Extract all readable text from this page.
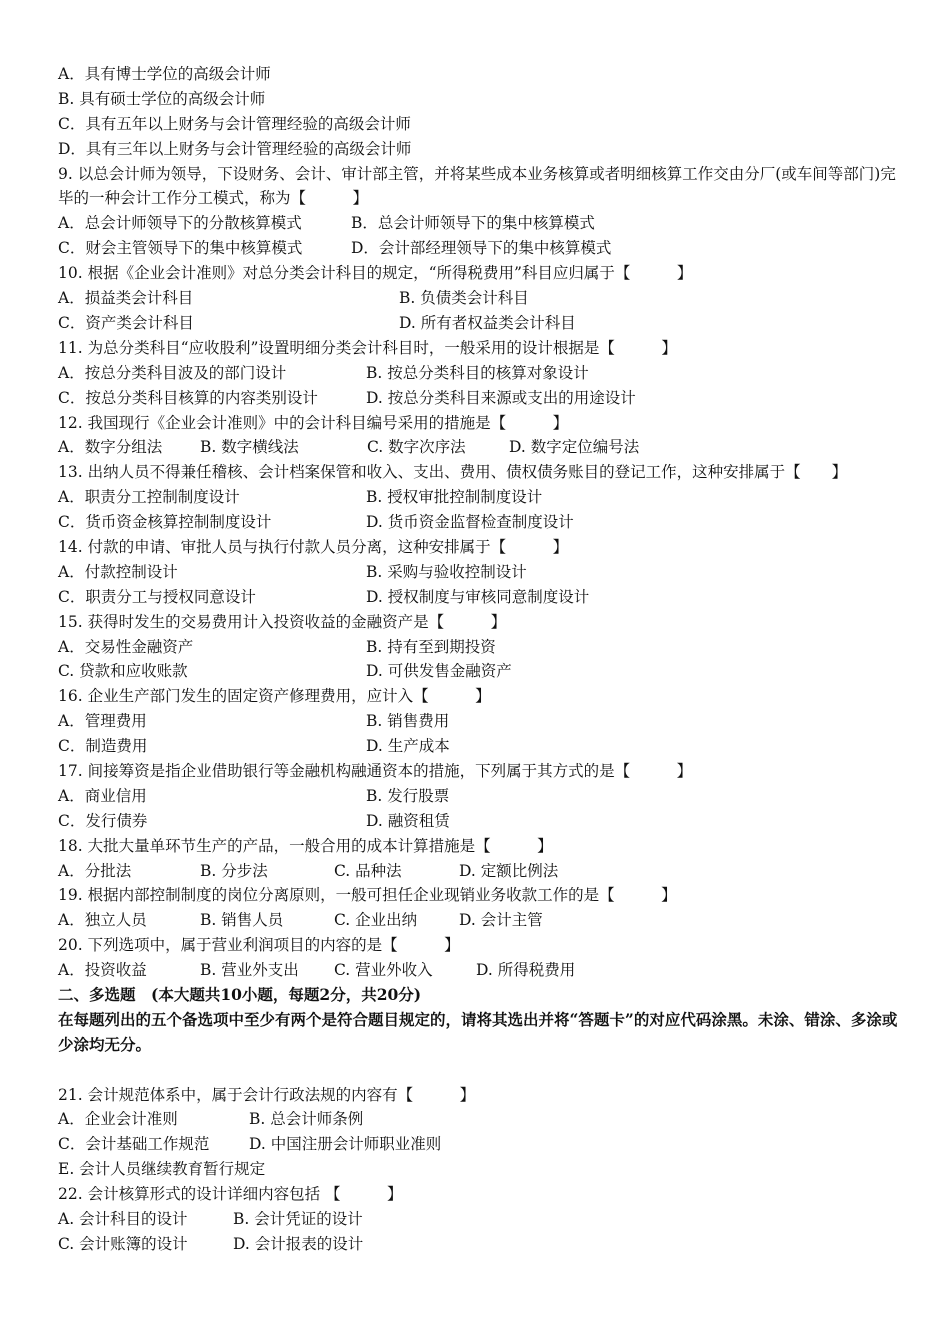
A．具有博士学位的高级会计师
B. 具有硕士学位的高级会计师
C．具有五年以上财务与会计管理经验的高级会计师
D．具有三年以上财务与会计管理经验的高级会计师
9. 以总会计师为领导，下设财务、会计、审计部主管，并将某些成本业务核算或者明细核算工作交由分厂(或车间等部门)完毕的一种会计工作分工模式，称为【　　　】
A．总会计师领导下的分散核算模式	B．总会计师领导下的集中核算模式
C．财会主管领导下的集中核算模式	D．会计部经理领导下的集中核算模式
10. 根据《企业会计准则》对总分类会计科目的规定，“所得税费用”科目应归属于【　　　】
A．损益类会计科目	B. 负债类会计科目
C．资产类会计科目	D. 所有者权益类会计科目
11. 为总分类科目“应收股利”设置明细分类会计科目时，一般采用的设计根据是【　　　】
A．按总分类科目波及的部门设计	B. 按总分类科目的核算对象设计
C．按总分类科目核算的内容类别设计	D. 按总分类科目来源或支出的用途设计
12. 我国现行《企业会计准则》中的会计科目编号采用的措施是【　　　】
A．数字分组法	B. 数字横线法	C. 数字次序法	D. 数字定位编号法
13. 出纳人员不得兼任稽核、会计档案保管和收入、支出、费用、债权债务账目的登记工作，这种安排属于【　　】
A．职责分工控制制度设计	B. 授权审批控制制度设计
C．货币资金核算控制制度设计	D. 货币资金监督检查制度设计
14. 付款的申请、审批人员与执行付款人员分离，这种安排属于【　　　】
A．付款控制设计	B. 采购与验收控制设计
C．职责分工与授权同意设计	D. 授权制度与审核同意制度设计
15. 获得时发生的交易费用计入投资收益的金融资产是【　　　】
A．交易性金融资产	B. 持有至到期投资
C. 贷款和应收账款	D. 可供发售金融资产
16. 企业生产部门发生的固定资产修理费用，应计入【　　　】
A．管理费用	B. 销售费用
C．制造费用	D. 生产成本
17. 间接筹资是指企业借助银行等金融机构融通资本的措施，下列属于其方式的是【　　　】
A．商业信用	B. 发行股票
C．发行债券	D. 融资租赁
18. 大批大量单环节生产的产品，一般合用的成本计算措施是【　　　】
A．分批法	B. 分步法	C. 品种法	D. 定额比例法
19. 根据内部控制制度的岗位分离原则，一般可担任企业现销业务收款工作的是【　　　】
A．独立人员	B. 销售人员	C. 企业出纳	D. 会计主管
20. 下列选项中，属于营业利润项目的内容的是【　　　】
A．投资收益	B. 营业外支出	C. 营业外收入	D. 所得税费用
二、多选题　(本大题共10小题，每题2分，共20分)
在每题列出的五个备选项中至少有两个是符合题目规定的，请将其选出并将“答题卡”的对应代码涂黑。未涂、错涂、多涂或少涂均无分。
21. 会计规范体系中，属于会计行政法规的内容有【　　　】
A．企业会计准则	B. 总会计师条例
C．会计基础工作规范	D. 中国注册会计师职业准则
E. 会计人员继续教育暂行规定
22. 会计核算形式的设计详细内容包括 【　　　】
A. 会计科目的设计	B. 会计凭证的设计
C. 会计账簿的设计	D. 会计报表的设计
